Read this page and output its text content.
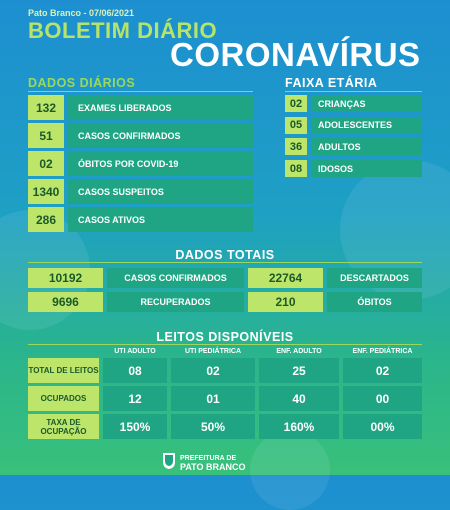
Pato Branco - 07/06/2021
BOLETIM DIÁRIO
CORONAVÍRUS
DADOS DIÁRIOS
132	EXAMES LIBERADOS
51	CASOS CONFIRMADOS
02	ÓBITOS POR COVID-19
1340	CASOS SUSPEITOS
286	CASOS ATIVOS
FAIXA ETÁRIA
02	CRIANÇAS
05	ADOLESCENTES
36	ADULTOS
08	IDOSOS
DADOS TOTAIS
10192	CASOS CONFIRMADOS	22764	DESCARTADOS
9696	RECUPERADOS	210	ÓBITOS
LEITOS DISPONÍVEIS
UTI ADULTO	UTI PEDIÁTRICA	ENF. ADULTO	ENF. PEDIÁTRICA
TOTAL DE LEITOS	08	02	25	02
OCUPADOS	12	01	40	00
TAXA DE OCUPAÇÃO	150%	50%	160%	00%
PREFEITURA DE
PATO BRANCO
